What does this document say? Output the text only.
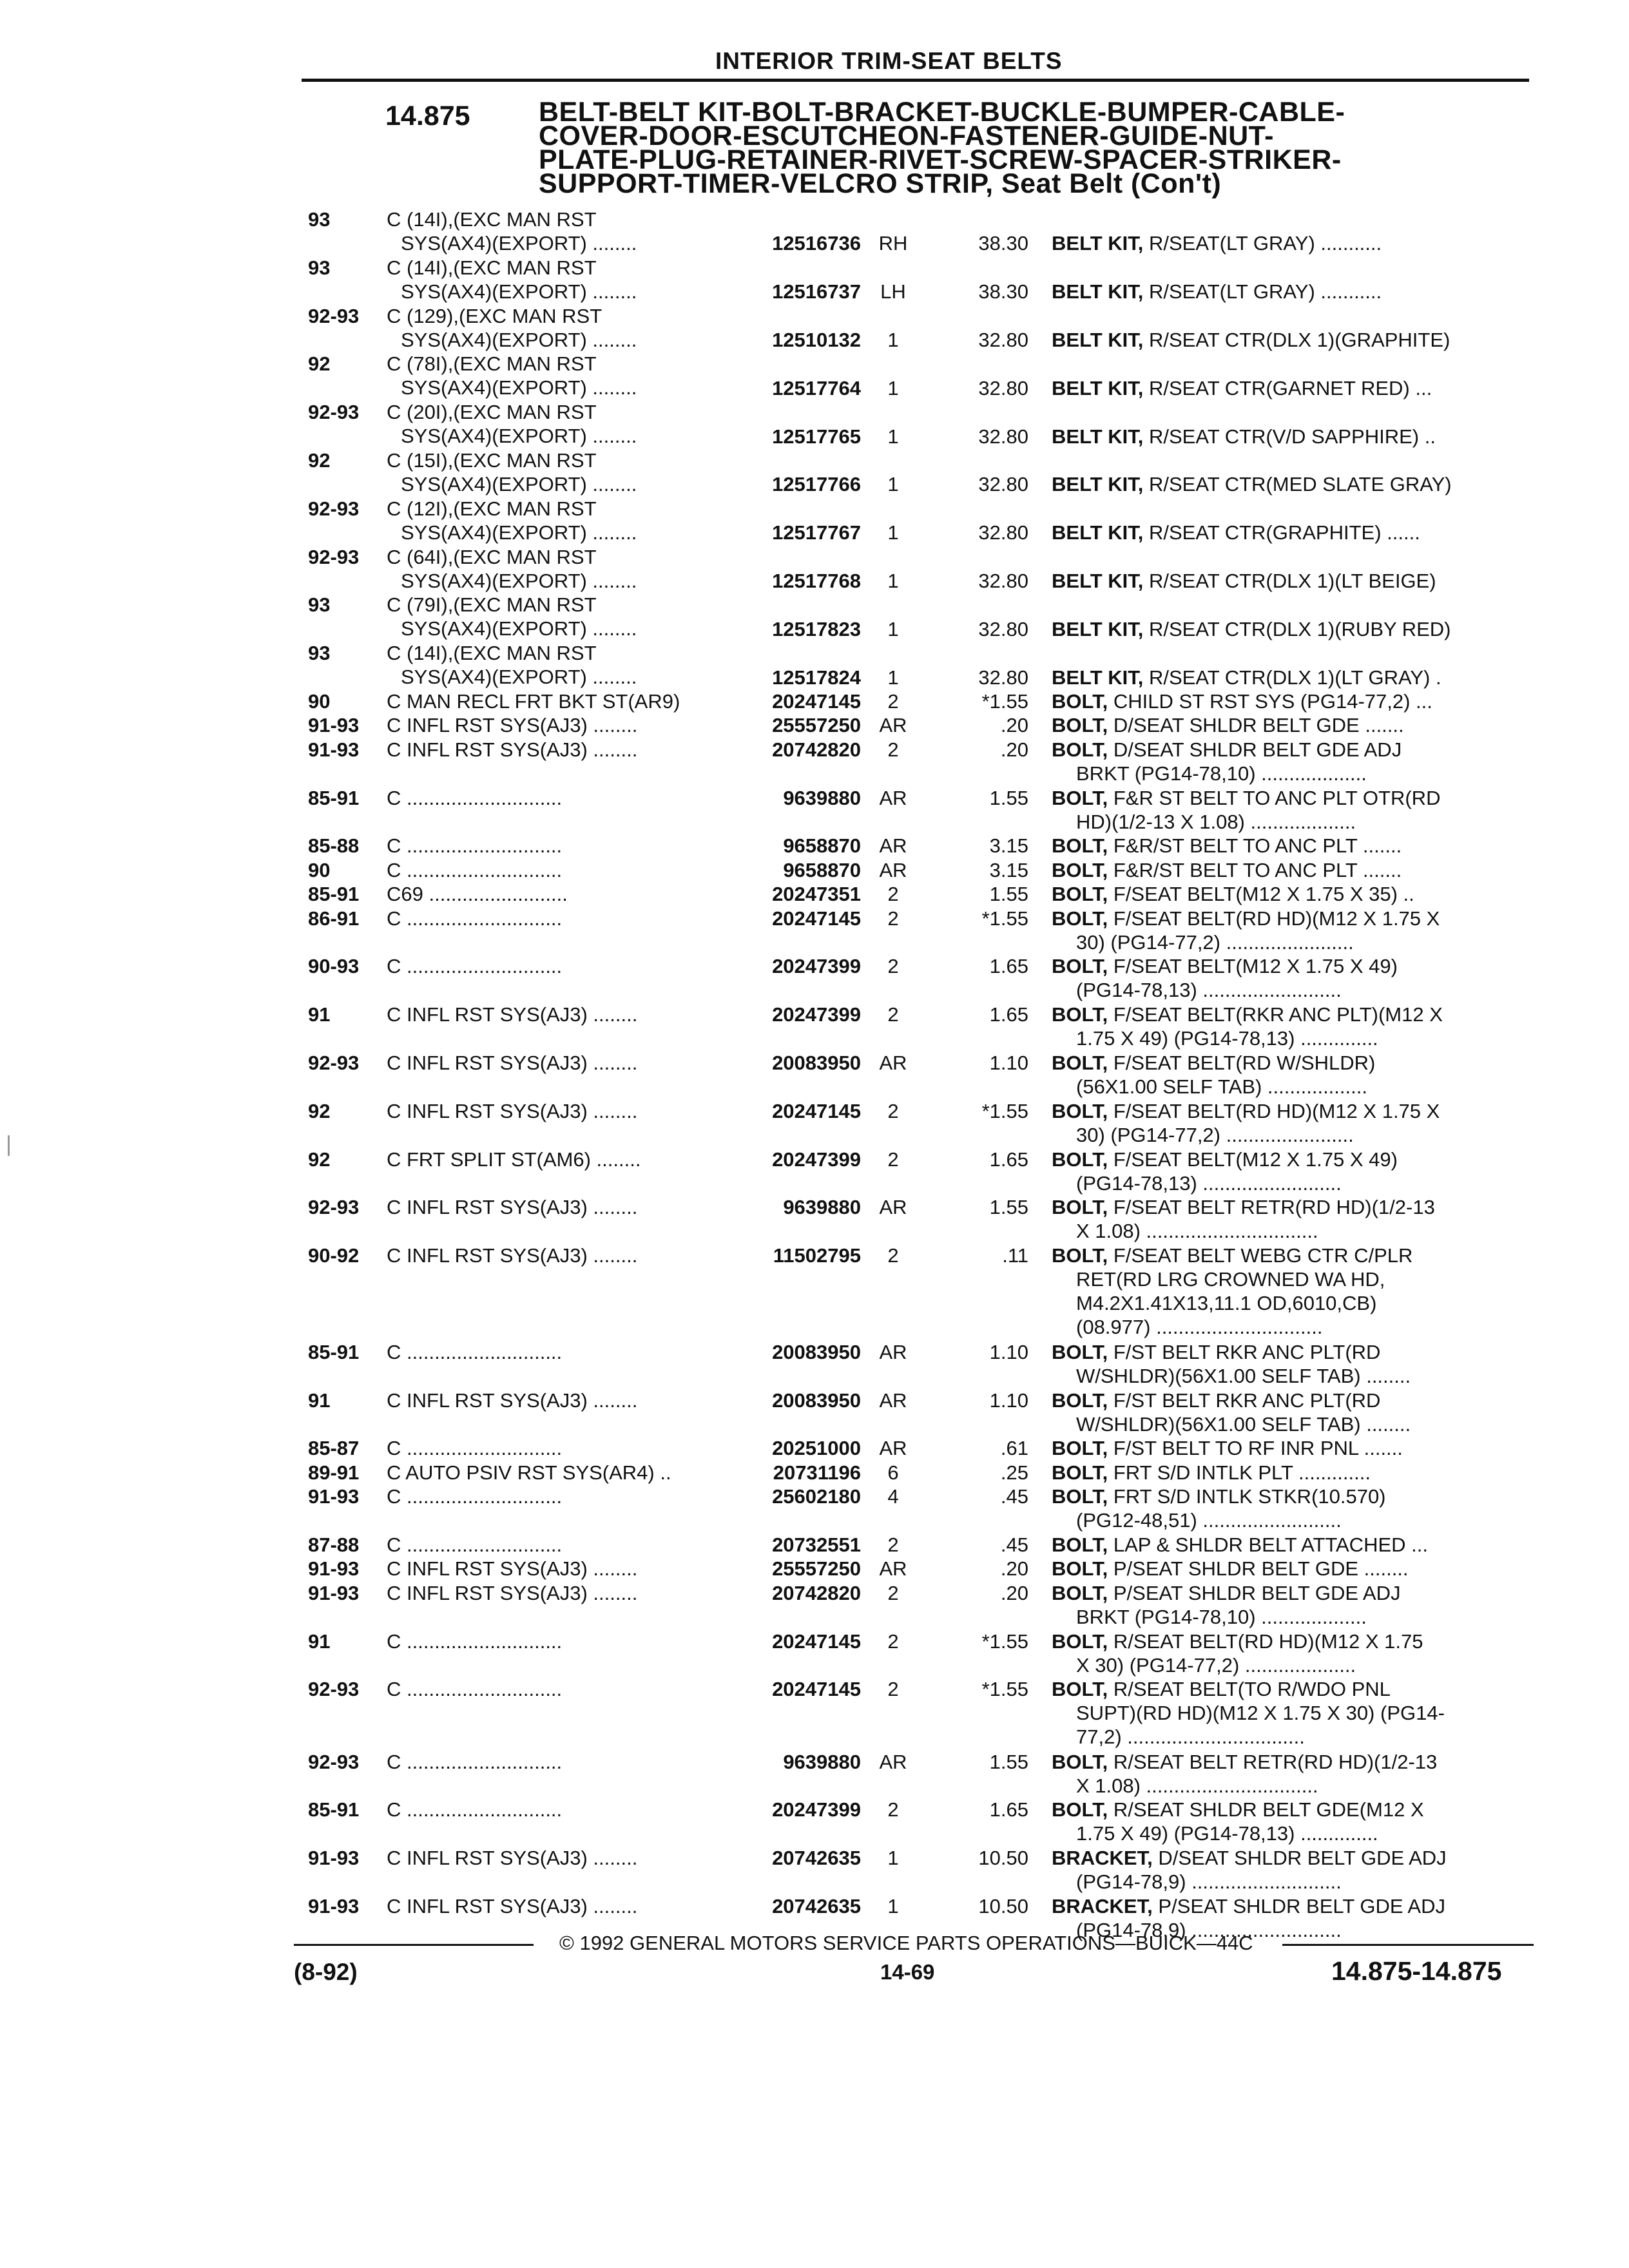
INTERIOR TRIM-SEAT BELTS
14.875 BELT-BELT KIT-BOLT-BRACKET-BUCKLE-BUMPER-CABLE-
COVER-DOOR-ESCUTCHEON-FASTENER-GUIDE-NUT-
PLATE-PLUG-RETAINER-RIVET-SCREW-SPACER-STRIKER-
SUPPORT-TIMER-VELCRO STRIP, Seat Belt (Con't)
93	C (14I),(EXC MAN RST
SYS(AX4)(EXPORT) ........	12516736 RH	38.30 BELT KIT, R/SEAT(LT GRAY) ...........
93	C (14I),(EXC MAN RST
SYS(AX4)(EXPORT) ........	12516737 LH	38.30 BELT KIT, R/SEAT(LT GRAY) ...........
92-93	C (129),(EXC MAN RST
SYS(AX4)(EXPORT) ........	12510132	1	32.80 BELT KIT, R/SEAT CTR(DLX 1)(GRAPHITE)
92	C (78I),(EXC MAN RST
SYS(AX4)(EXPORT) ........	12517764	1	32.80 BELT KIT, R/SEAT CTR(GARNET RED) ...
92-93	C (20I),(EXC MAN RST
SYS(AX4)(EXPORT) ........	12517765	1	32.80 BELT KIT, R/SEAT CTR(V/D SAPPHIRE) ..
92	C (15I),(EXC MAN RST
SYS(AX4)(EXPORT) ........	12517766	1	32.80 BELT KIT, R/SEAT CTR(MED SLATE GRAY)
92-93	C (12I),(EXC MAN RST
SYS(AX4)(EXPORT) ........	12517767	1	32.80 BELT KIT, R/SEAT CTR(GRAPHITE) ......
92-93	C (64I),(EXC MAN RST
SYS(AX4)(EXPORT) ........	12517768	1	32.80 BELT KIT, R/SEAT CTR(DLX 1)(LT BEIGE)
93	C (79I),(EXC MAN RST
SYS(AX4)(EXPORT) ........	12517823	1	32.80 BELT KIT, R/SEAT CTR(DLX 1)(RUBY RED)
93	C (14I),(EXC MAN RST
SYS(AX4)(EXPORT) ........	12517824	1	32.80 BELT KIT, R/SEAT CTR(DLX 1)(LT GRAY) .
90	C MAN RECL FRT BKT ST(AR9)	20247145	2	*1.55 BOLT, CHILD ST RST SYS (PG14-77,2) ...
91-93	C INFL RST SYS(AJ3) ........	25557250 AR	.20 BOLT, D/SEAT SHLDR BELT GDE .......
91-93	C INFL RST SYS(AJ3) ........	20742820	2	.20 BOLT, D/SEAT SHLDR BELT GDE ADJ
BRKT (PG14-78,10) ...................
85-91	C ............................	9639880 AR	1.55 BOLT, F&R ST BELT TO ANC PLT OTR(RD
HD)(1/2-13 X 1.08) ...................
85-88	C ............................	9658870 AR	3.15 BOLT, F&R/ST BELT TO ANC PLT .......
90	C ............................	9658870 AR	3.15 BOLT, F&R/ST BELT TO ANC PLT .......
85-91	C69 .........................	20247351	2	1.55 BOLT, F/SEAT BELT(M12 X 1.75 X 35) ..
86-91	C ............................	20247145	2	*1.55 BOLT, F/SEAT BELT(RD HD)(M12 X 1.75 X
30) (PG14-77,2) .......................
90-93	C ............................	20247399	2	1.65 BOLT, F/SEAT BELT(M12 X 1.75 X 49)
(PG14-78,13) .........................
91	C INFL RST SYS(AJ3) ........	20247399	2	1.65 BOLT, F/SEAT BELT(RKR ANC PLT)(M12 X
1.75 X 49) (PG14-78,13) ..............
92-93	C INFL RST SYS(AJ3) ........	20083950 AR	1.10 BOLT, F/SEAT BELT(RD W/SHLDR)
(56X1.00 SELF TAB) ..................
92	C INFL RST SYS(AJ3) ........	20247145	2	*1.55 BOLT, F/SEAT BELT(RD HD)(M12 X 1.75 X
30) (PG14-77,2) .......................
92	C FRT SPLIT ST(AM6) ........	20247399	2	1.65 BOLT, F/SEAT BELT(M12 X 1.75 X 49)
(PG14-78,13) .........................
92-93	C INFL RST SYS(AJ3) ........	9639880 AR	1.55 BOLT, F/SEAT BELT RETR(RD HD)(1/2-13
X 1.08) ...............................
90-92	C INFL RST SYS(AJ3) ........	11502795	2	.11 BOLT, F/SEAT BELT WEBG CTR C/PLR
RET(RD LRG CROWNED WA HD,
M4.2X1.41X13,11.1 OD,6010,CB)
(08.977) ..............................
85-91	C ............................	20083950 AR	1.10 BOLT, F/ST BELT RKR ANC PLT(RD
W/SHLDR)(56X1.00 SELF TAB) ........
91	C INFL RST SYS(AJ3) ........	20083950 AR	1.10 BOLT, F/ST BELT RKR ANC PLT(RD
W/SHLDR)(56X1.00 SELF TAB) ........
85-87	C ............................	20251000 AR	.61 BOLT, F/ST BELT TO RF INR PNL .......
89-91	C AUTO PSIV RST SYS(AR4) ..	20731196	6	.25 BOLT, FRT S/D INTLK PLT .............
91-93	C ............................	25602180	4	.45 BOLT, FRT S/D INTLK STKR(10.570)
(PG12-48,51) .........................
87-88	C ............................	20732551	2	.45 BOLT, LAP & SHLDR BELT ATTACHED ...
91-93	C INFL RST SYS(AJ3) ........	25557250 AR	.20 BOLT, P/SEAT SHLDR BELT GDE ........
91-93	C INFL RST SYS(AJ3) ........	20742820	2	.20 BOLT, P/SEAT SHLDR BELT GDE ADJ
BRKT (PG14-78,10) ...................
91	C ............................	20247145	2	*1.55 BOLT, R/SEAT BELT(RD HD)(M12 X 1.75
X 30) (PG14-77,2) ....................
92-93	C ............................	20247145	2	*1.55 BOLT, R/SEAT BELT(TO R/WDO PNL
SUPT)(RD HD)(M12 X 1.75 X 30) (PG14-
77,2) ................................
92-93	C ............................	9639880 AR	1.55 BOLT, R/SEAT BELT RETR(RD HD)(1/2-13
X 1.08) ...............................
85-91	C ............................	20247399	2	1.65 BOLT, R/SEAT SHLDR BELT GDE(M12 X
1.75 X 49) (PG14-78,13) ..............
91-93	C INFL RST SYS(AJ3) ........	20742635	1	10.50 BRACKET, D/SEAT SHLDR BELT GDE ADJ
(PG14-78,9) ...........................
91-93	C INFL RST SYS(AJ3) ........	20742635	1	10.50 BRACKET, P/SEAT SHLDR BELT GDE ADJ
(PG14-78,9) ...........................
© 1992 GENERAL MOTORS SERVICE PARTS OPERATIONS—BUICK—44C
(8-92)	14-69	14.875-14.875
